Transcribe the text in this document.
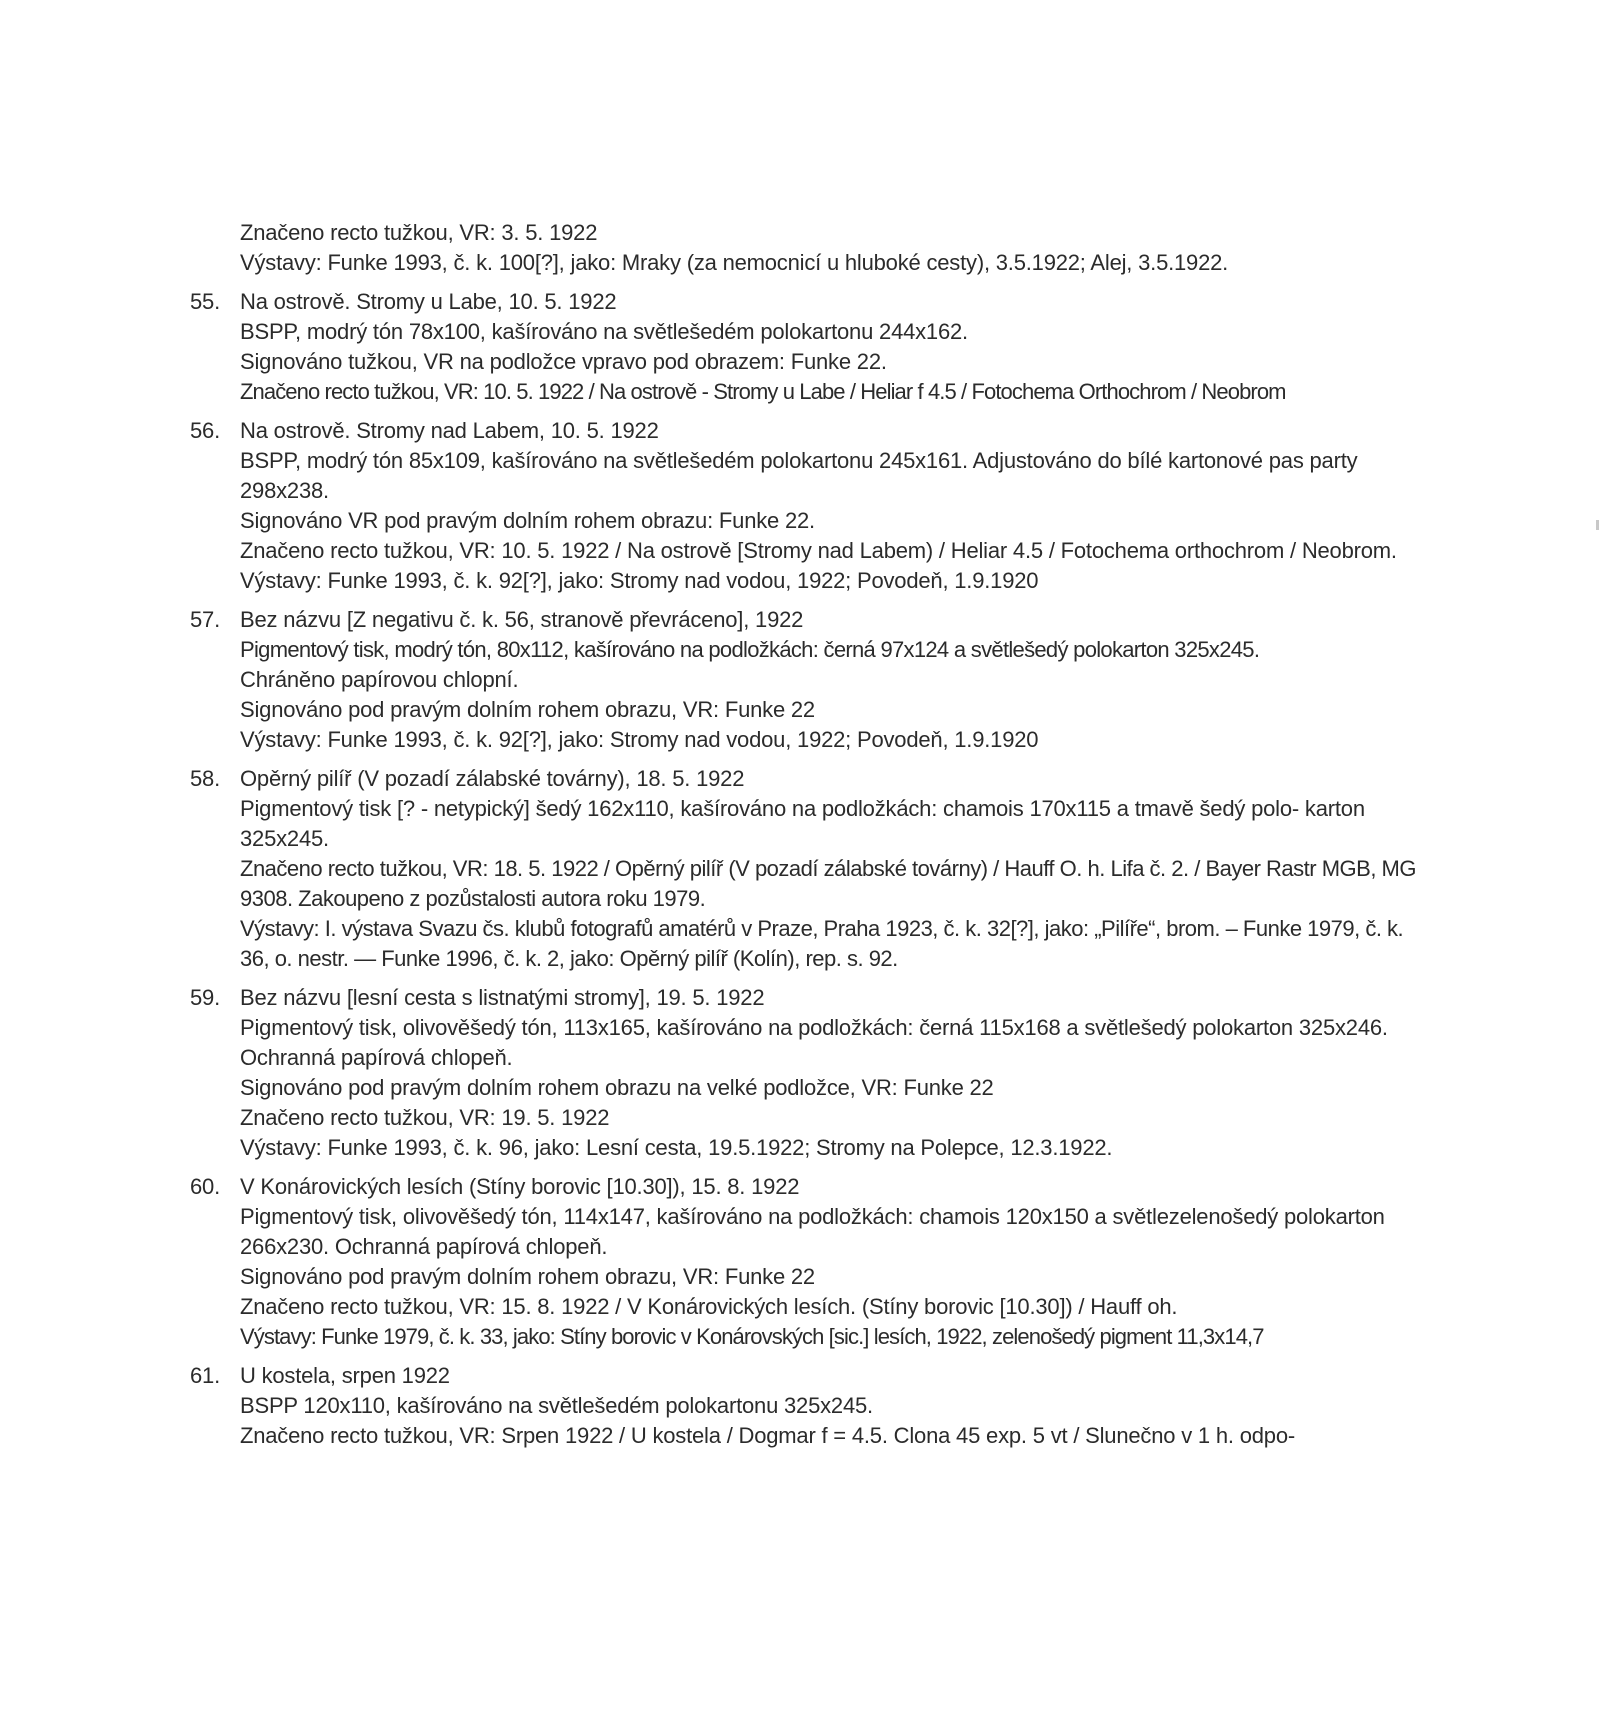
Značeno recto tužkou, VR: 3. 5. 1922
Výstavy: Funke 1993, č. k. 100[?], jako: Mraky (za nemocnicí u hluboké cesty), 3.5.1922; Alej, 3.5.1922.
55. Na ostrově. Stromy u Labe, 10. 5. 1922
BSPP, modrý tón 78x100, kašírováno na světlešedém polokartonu 244x162.
Signováno tužkou, VR na podložce vpravo pod obrazem: Funke 22.
Značeno recto tužkou, VR: 10. 5. 1922 / Na ostrově - Stromy u Labe / Heliar f 4.5 / Fotochema Orthochrom / Neobrom
56. Na ostrově. Stromy nad Labem, 10. 5. 1922
BSPP, modrý tón 85x109, kašírováno na světlešedém polokartonu 245x161. Adjustováno do bílé kartonové pas party 298x238.
Signováno VR pod pravým dolním rohem obrazu: Funke 22.
Značeno recto tužkou, VR: 10. 5. 1922 / Na ostrově [Stromy nad Labem) / Heliar 4.5 / Fotochema orthochrom / Neobrom.
Výstavy: Funke 1993, č. k. 92[?], jako: Stromy nad vodou, 1922; Povodeň, 1.9.1920
57. Bez názvu [Z negativu č. k. 56, stranově převráceno], 1922
Pigmentový tisk, modrý tón, 80x112, kašírováno na podložkách: černá 97x124 a světlešedý polokarton 325x245.
Chráněno papírovou chlopní.
Signováno pod pravým dolním rohem obrazu, VR: Funke 22
Výstavy: Funke 1993, č. k. 92[?], jako: Stromy nad vodou, 1922; Povodeň, 1.9.1920
58. Opěrný pilíř (V pozadí zálabské továrny), 18. 5. 1922
Pigmentový tisk [? - netypický] šedý 162x110, kašírováno na podložkách: chamois 170x115 a tmavě šedý polo- karton 325x245.
Značeno recto tužkou, VR: 18. 5. 1922 / Opěrný pilíř (V pozadí zálabské továrny) / Hauff O. h. Lifa č. 2. / Bayer Rastr MGB, MG 9308. Zakoupeno z pozůstalosti autora roku 1979.
Výstavy: I. výstava Svazu čs. klubů fotografů amatérů v Praze, Praha 1923, č. k. 32[?], jako: „Pilíře“, brom. – Funke 1979, č. k. 36, o. nestr. — Funke 1996, č. k. 2, jako: Opěrný pilíř (Kolín), rep. s. 92.
59. Bez názvu [lesní cesta s listnatými stromy], 19. 5. 1922
Pigmentový tisk, olivověšedý tón, 113x165, kašírováno na podložkách: černá 115x168 a světlešedý polokarton 325x246. Ochranná papírová chlopeň.
Signováno pod pravým dolním rohem obrazu na velké podložce, VR: Funke 22
Značeno recto tužkou, VR: 19. 5. 1922
Výstavy: Funke 1993, č. k. 96, jako: Lesní cesta, 19.5.1922; Stromy na Polepce, 12.3.1922.
60. V Konárovických lesích (Stíny borovic [10.30]), 15. 8. 1922
Pigmentový tisk, olivověšedý tón, 114x147, kašírováno na podložkách: chamois 120x150 a světlezelenošedý polokarton 266x230. Ochranná papírová chlopeň.
Signováno pod pravým dolním rohem obrazu, VR: Funke 22
Značeno recto tužkou, VR: 15. 8. 1922 / V Konárovických lesích. (Stíny borovic [10.30]) / Hauff oh.
Výstavy: Funke 1979, č. k. 33, jako: Stíny borovic v Konárovských [sic.] lesích, 1922, zelenošedý pigment 11,3x14,7
61. U kostela, srpen 1922
BSPP 120x110, kašírováno na světlešedém polokartonu 325x245.
Značeno recto tužkou, VR: Srpen 1922 / U kostela / Dogmar f = 4.5. Clona 45 exp. 5 vt / Slunečno v 1 h. odpo-
